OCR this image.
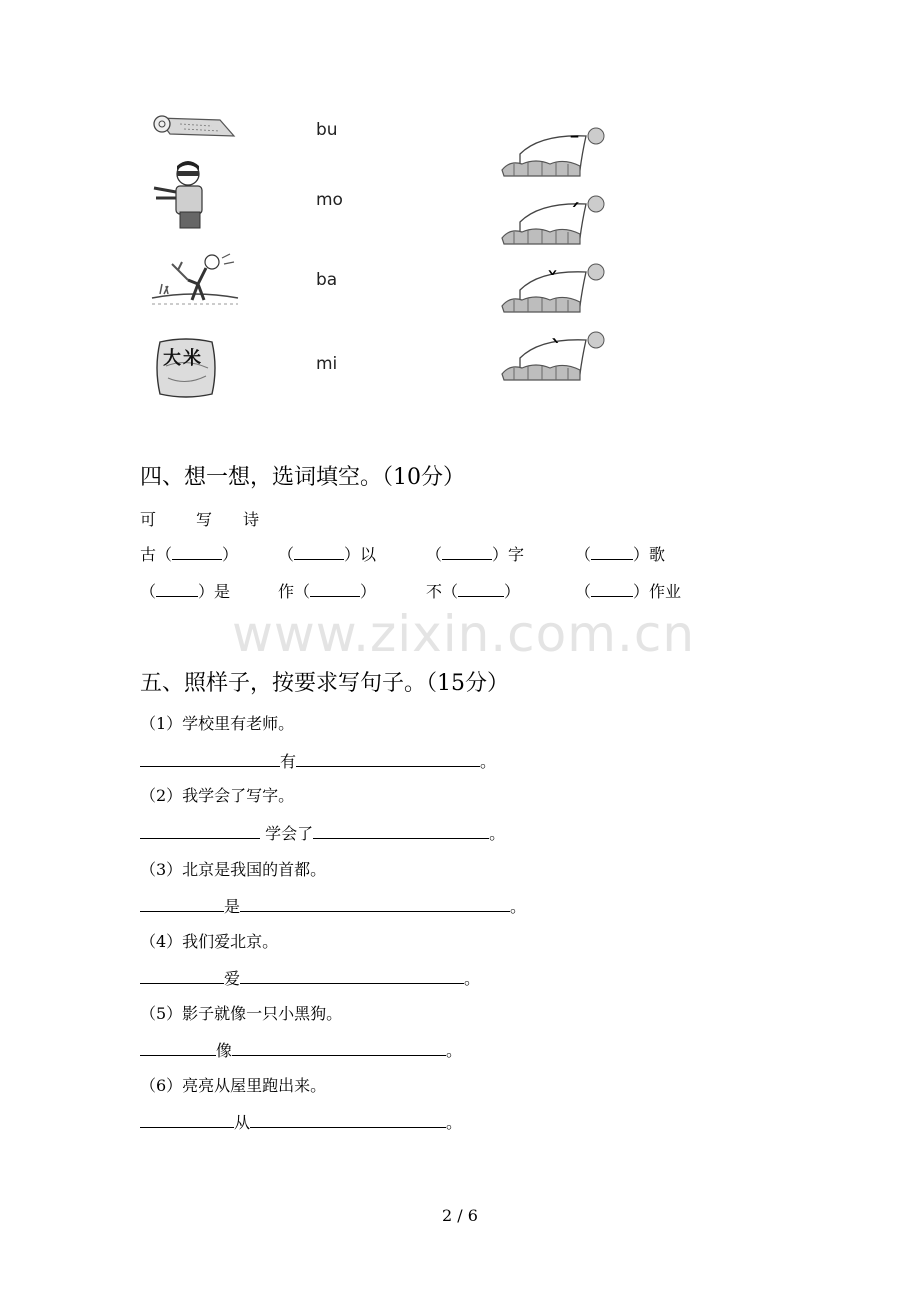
bu
mo
ba
大米	mi
ˉ
ˊ
ˇ
ˋ
四、想一想，选词填空。（10分）
可 写 诗
古（	） （	）以	（	）字	（	）歌
（	）是	作（	）	不（	）	（	）作业
www.zixin.com.cn
五、照样子，按要求写句子。（15分）
（1）学校里有老师。
有	。
（2）我学会了写字。
学会了	。
（3）北京是我国的首都。
是	。
（4）我们爱北京。
爱	。
（5）影子就像一只小黑狗。
像	。
（6）亮亮从屋里跑出来。
从	。
2 / 6
